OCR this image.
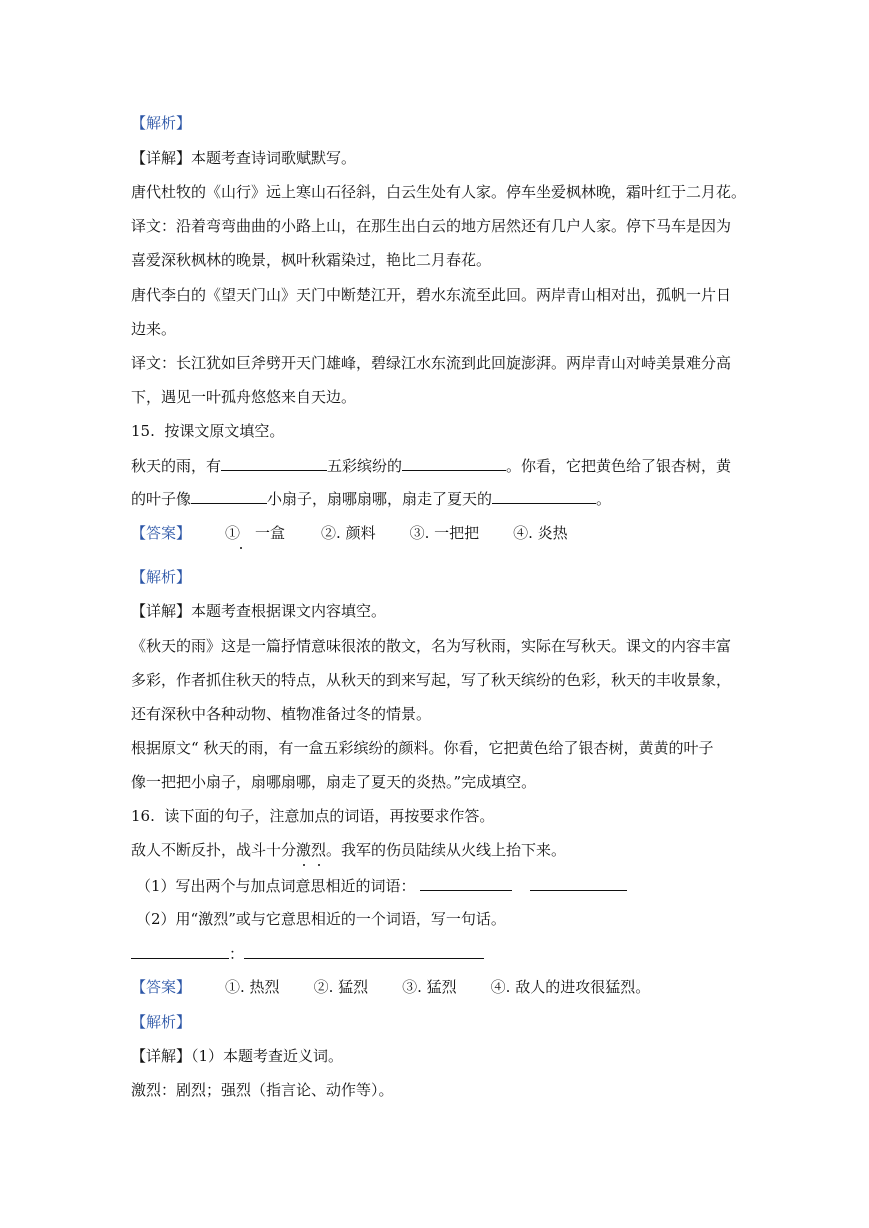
【解析】

【详解】本题考查诗词歌赋默写。

唐代杜牧的《山行》远上寒山石径斜，白云生处有人家。停车坐爱枫林晚，霜叶红于二月花。

译文：沿着弯弯曲曲的小路上山，在那生出白云的地方居然还有几户人家。停下马车是因为

喜爱深秋枫林的晚景，枫叶秋霜染过，艳比二月春花。

唐代李白的《望天门山》天门中断楚江开，碧水东流至此回。两岸青山相对出，孤帆一片日

边来。

译文：长江犹如巨斧劈开天门雄峰，碧绿江水东流到此回旋澎湃。两岸青山对峙美景难分高

下，遇见一叶孤舟悠悠来自天边。

15. 按课文原文填空。

秋天的雨，有	五彩缤纷的	。你看，它把黄色给了银杏树，黄

的叶子像	小扇子，扇哪扇哪，扇走了夏天的	。

【答案】 ①　一盒 ②. 颜料 ③. 一把把 ④. 炎热

【解析】

【详解】本题考查根据课文内容填空。

《秋天的雨》这是一篇抒情意味很浓的散文，名为写秋雨，实际在写秋天。课文的内容丰富

多彩，作者抓住秋天的特点，从秋天的到来写起，写了秋天缤纷的色彩，秋天的丰收景象，

还有深秋中各种动物、植物准备过冬的情景。

根据原文“ 秋天的雨，有一盒五彩缤纷的颜料。你看，它把黄色给了银杏树，黄黄的叶子

像一把把小扇子，扇哪扇哪，扇走了夏天的炎热。”完成填空。

16. 读下面的句子，注意加点的词语，再按要求作答。

敌人不断反扑，战斗十分激烈。我军的伤员陆续从火线上抬下来。

（1）写出两个与加点词意思相近的词语：

（2）用“激烈”或与它意思相近的一个词语，写一句话。

：

【答案】 ①. 热烈 ②. 猛烈 ③. 猛烈 ④. 敌人的进攻很猛烈。

【解析】

【详解】（1）本题考查近义词。

激烈：剧烈；强烈（指言论、动作等）。
